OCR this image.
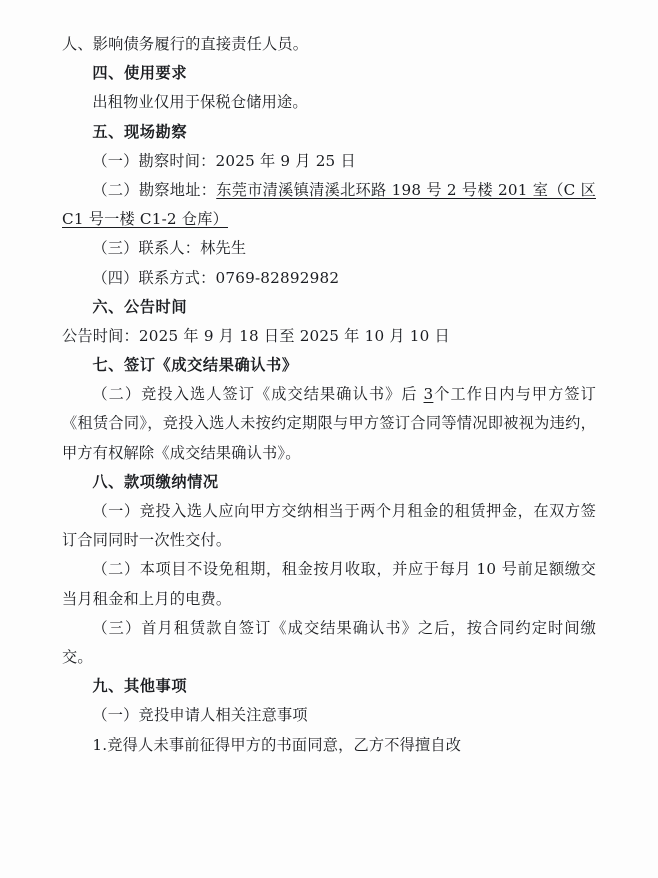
人、影响债务履行的直接责任人员。

四、使用要求

出租物业仅用于保税仓储用途。

五、现场勘察

（一）勘察时间：2025 年 9 月 25 日

（二）勘察地址：东莞市清溪镇清溪北环路 198 号 2 号楼 201 室（C 区 C1 号一楼 C1-2 仓库）

（三）联系人：林先生

（四）联系方式：0769-82892982

六、公告时间

公告时间：2025 年 9 月 18 日至 2025 年 10 月 10 日

七、签订《成交结果确认书》

（二）竞投入选人签订《成交结果确认书》后 3个工作日内与甲方签订《租赁合同》，竞投入选人未按约定期限与甲方签订合同等情况即被视为违约，甲方有权解除《成交结果确认书》。

八、款项缴纳情况

（一）竞投入选人应向甲方交纳相当于两个月租金的租赁押金，在双方签订合同同时一次性交付。

（二）本项目不设免租期，租金按月收取，并应于每月 10 号前足额缴交当月租金和上月的电费。

（三）首月租赁款自签订《成交结果确认书》之后，按合同约定时间缴交。

九、其他事项

（一）竞投申请人相关注意事项

1.竞得人未事前征得甲方的书面同意，乙方不得擅自改
